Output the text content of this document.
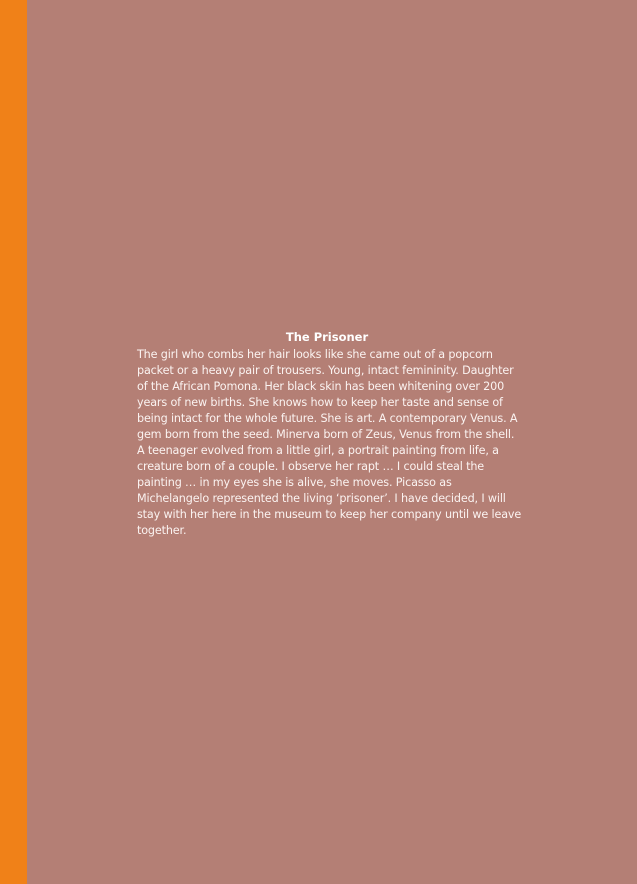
The Prisoner

The girl who combs her hair looks like she came out of a popcorn packet or a heavy pair of trousers. Young, intact femininity. Daughter of the African Pomona. Her black skin has been whitening over 200 years of new births. She knows how to keep her taste and sense of being intact for the whole future. She is art. A contemporary Venus. A gem born from the seed. Minerva born of Zeus, Venus from the shell.

A teenager evolved from a little girl, a portrait painting from life, a creature born of a couple. I observe her rapt … I could steal the painting … in my eyes she is alive, she moves. Picasso as Michelangelo represented the living ‘prisoner’. I have decided, I will stay with her here in the museum to keep her company until we leave together.
